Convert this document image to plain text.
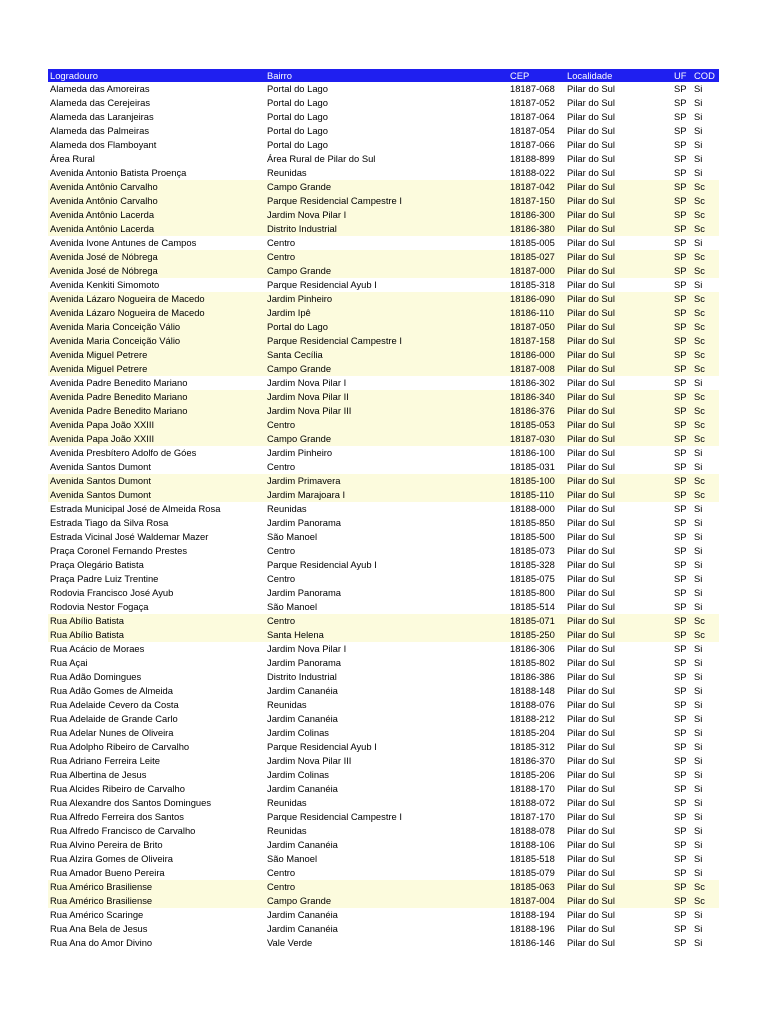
Logradouro	Bairro	CEP	Localidade	UF	COD
Alameda das Amoreiras	Portal do Lago	18187-068	Pilar do Sul	SP	Si
Alameda das Cerejeiras	Portal do Lago	18187-052	Pilar do Sul	SP	Si
Alameda das Laranjeiras	Portal do Lago	18187-064	Pilar do Sul	SP	Si
Alameda das Palmeiras	Portal do Lago	18187-054	Pilar do Sul	SP	Si
Alameda dos Flamboyant	Portal do Lago	18187-066	Pilar do Sul	SP	Si
Área Rural	Área Rural de Pilar do Sul	18188-899	Pilar do Sul	SP	Si
Avenida Antonio Batista Proença	Reunidas	18188-022	Pilar do Sul	SP	Si
Avenida Antônio Carvalho	Campo Grande	18187-042	Pilar do Sul	SP	Sc
Avenida Antônio Carvalho	Parque Residencial Campestre I	18187-150	Pilar do Sul	SP	Sc
Avenida Antônio Lacerda	Jardim Nova Pilar I	18186-300	Pilar do Sul	SP	Sc
Avenida Antônio Lacerda	Distrito Industrial	18186-380	Pilar do Sul	SP	Sc
Avenida Ivone Antunes de Campos	Centro	18185-005	Pilar do Sul	SP	Si
Avenida José de Nóbrega	Centro	18185-027	Pilar do Sul	SP	Sc
Avenida José de Nóbrega	Campo Grande	18187-000	Pilar do Sul	SP	Sc
Avenida Kenkiti Simomoto	Parque Residencial Ayub I	18185-318	Pilar do Sul	SP	Si
Avenida Lázaro Nogueira de Macedo	Jardim Pinheiro	18186-090	Pilar do Sul	SP	Sc
Avenida Lázaro Nogueira de Macedo	Jardim Ipê	18186-110	Pilar do Sul	SP	Sc
Avenida Maria Conceição Válio	Portal do Lago	18187-050	Pilar do Sul	SP	Sc
Avenida Maria Conceição Válio	Parque Residencial Campestre I	18187-158	Pilar do Sul	SP	Sc
Avenida Miguel Petrere	Santa Cecília	18186-000	Pilar do Sul	SP	Sc
Avenida Miguel Petrere	Campo Grande	18187-008	Pilar do Sul	SP	Sc
Avenida Padre Benedito Mariano	Jardim Nova Pilar I	18186-302	Pilar do Sul	SP	Si
Avenida Padre Benedito Mariano	Jardim Nova Pilar II	18186-340	Pilar do Sul	SP	Sc
Avenida Padre Benedito Mariano	Jardim Nova Pilar III	18186-376	Pilar do Sul	SP	Sc
Avenida Papa João XXIII	Centro	18185-053	Pilar do Sul	SP	Sc
Avenida Papa João XXIII	Campo Grande	18187-030	Pilar do Sul	SP	Sc
Avenida Presbítero Adolfo de Góes	Jardim Pinheiro	18186-100	Pilar do Sul	SP	Si
Avenida Santos Dumont	Centro	18185-031	Pilar do Sul	SP	Si
Avenida Santos Dumont	Jardim Primavera	18185-100	Pilar do Sul	SP	Sc
Avenida Santos Dumont	Jardim Marajoara I	18185-110	Pilar do Sul	SP	Sc
Estrada Municipal José de Almeida Rosa	Reunidas	18188-000	Pilar do Sul	SP	Si
Estrada Tiago da Silva Rosa	Jardim Panorama	18185-850	Pilar do Sul	SP	Si
Estrada Vicinal José Waldemar Mazer	São Manoel	18185-500	Pilar do Sul	SP	Si
Praça Coronel Fernando Prestes	Centro	18185-073	Pilar do Sul	SP	Si
Praça Olegário Batista	Parque Residencial Ayub I	18185-328	Pilar do Sul	SP	Si
Praça Padre Luiz Trentine	Centro	18185-075	Pilar do Sul	SP	Si
Rodovia Francisco José Ayub	Jardim Panorama	18185-800	Pilar do Sul	SP	Si
Rodovia Nestor Fogaça	São Manoel	18185-514	Pilar do Sul	SP	Si
Rua Abílio Batista	Centro	18185-071	Pilar do Sul	SP	Sc
Rua Abílio Batista	Santa Helena	18185-250	Pilar do Sul	SP	Sc
Rua Acácio de Moraes	Jardim Nova Pilar I	18186-306	Pilar do Sul	SP	Si
Rua Açai	Jardim Panorama	18185-802	Pilar do Sul	SP	Si
Rua Adão Domingues	Distrito Industrial	18186-386	Pilar do Sul	SP	Si
Rua Adão Gomes de Almeida	Jardim Cananéia	18188-148	Pilar do Sul	SP	Si
Rua Adelaide Cevero da Costa	Reunidas	18188-076	Pilar do Sul	SP	Si
Rua Adelaide de Grande Carlo	Jardim Cananéia	18188-212	Pilar do Sul	SP	Si
Rua Adelar Nunes de Oliveira	Jardim Colinas	18185-204	Pilar do Sul	SP	Si
Rua Adolpho Ribeiro de Carvalho	Parque Residencial Ayub I	18185-312	Pilar do Sul	SP	Si
Rua Adriano Ferreira Leite	Jardim Nova Pilar III	18186-370	Pilar do Sul	SP	Si
Rua Albertina de Jesus	Jardim Colinas	18185-206	Pilar do Sul	SP	Si
Rua Alcides Ribeiro de Carvalho	Jardim Cananéia	18188-170	Pilar do Sul	SP	Si
Rua Alexandre dos Santos Domingues	Reunidas	18188-072	Pilar do Sul	SP	Si
Rua Alfredo Ferreira dos Santos	Parque Residencial Campestre I	18187-170	Pilar do Sul	SP	Si
Rua Alfredo Francisco de Carvalho	Reunidas	18188-078	Pilar do Sul	SP	Si
Rua Alvino Pereira de Brito	Jardim Cananéia	18188-106	Pilar do Sul	SP	Si
Rua Alzira Gomes de Oliveira	São Manoel	18185-518	Pilar do Sul	SP	Si
Rua Amador Bueno Pereira	Centro	18185-079	Pilar do Sul	SP	Si
Rua Américo Brasiliense	Centro	18185-063	Pilar do Sul	SP	Sc
Rua Américo Brasiliense	Campo Grande	18187-004	Pilar do Sul	SP	Sc
Rua Américo Scaringe	Jardim Cananéia	18188-194	Pilar do Sul	SP	Si
Rua Ana Bela de Jesus	Jardim Cananéia	18188-196	Pilar do Sul	SP	Si
Rua Ana do Amor Divino	Vale Verde	18186-146	Pilar do Sul	SP	Si
